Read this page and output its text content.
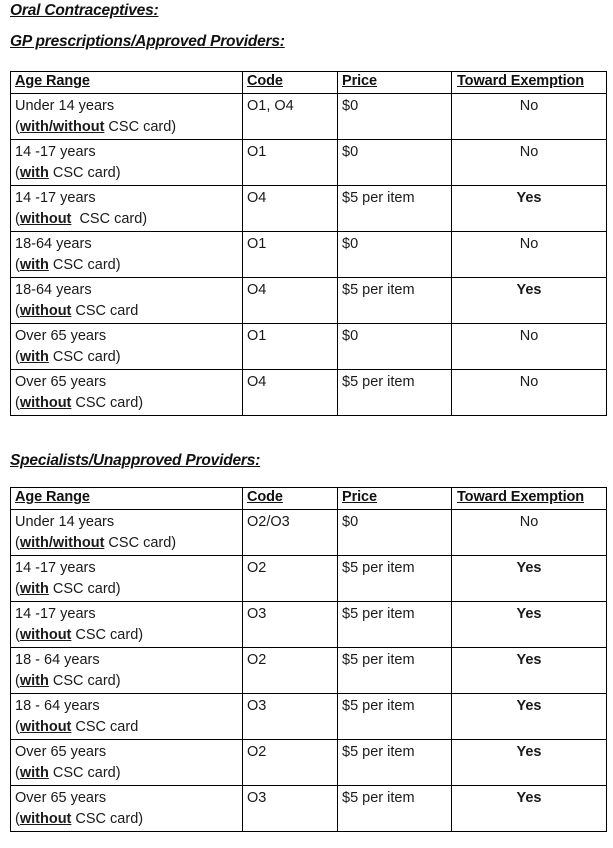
Oral Contraceptives:
GP prescriptions/Approved Providers:
Age Range	Code	Price	Toward Exemption

Under 14 years
(with/without CSC card)	O1, O4	$0	No

14 -17 years
(with CSC card)	O1	$0	No

14 -17 years
(without  CSC card)	O4	$5 per item	Yes

18-64 years
(with CSC card)	O1	$0	No

18-64 years
(without CSC card	O4	$5 per item	Yes

Over 65 years
(with CSC card)	O1	$0	No

Over 65 years
(without CSC card)	O4	$5 per item	No
Specialists/Unapproved Providers:
Age Range	Code	Price	Toward Exemption

Under 14 years
(with/without CSC card)	O2/O3	$0	No

14 -17 years
(with CSC card)	O2	$5 per item	Yes

14 -17 years
(without CSC card)	O3	$5 per item	Yes

18 - 64 years
(with CSC card)	O2	$5 per item	Yes

18 - 64 years
(without CSC card	O3	$5 per item	Yes

Over 65 years
(with CSC card)	O2	$5 per item	Yes

Over 65 years
(without CSC card)	O3	$5 per item	Yes
